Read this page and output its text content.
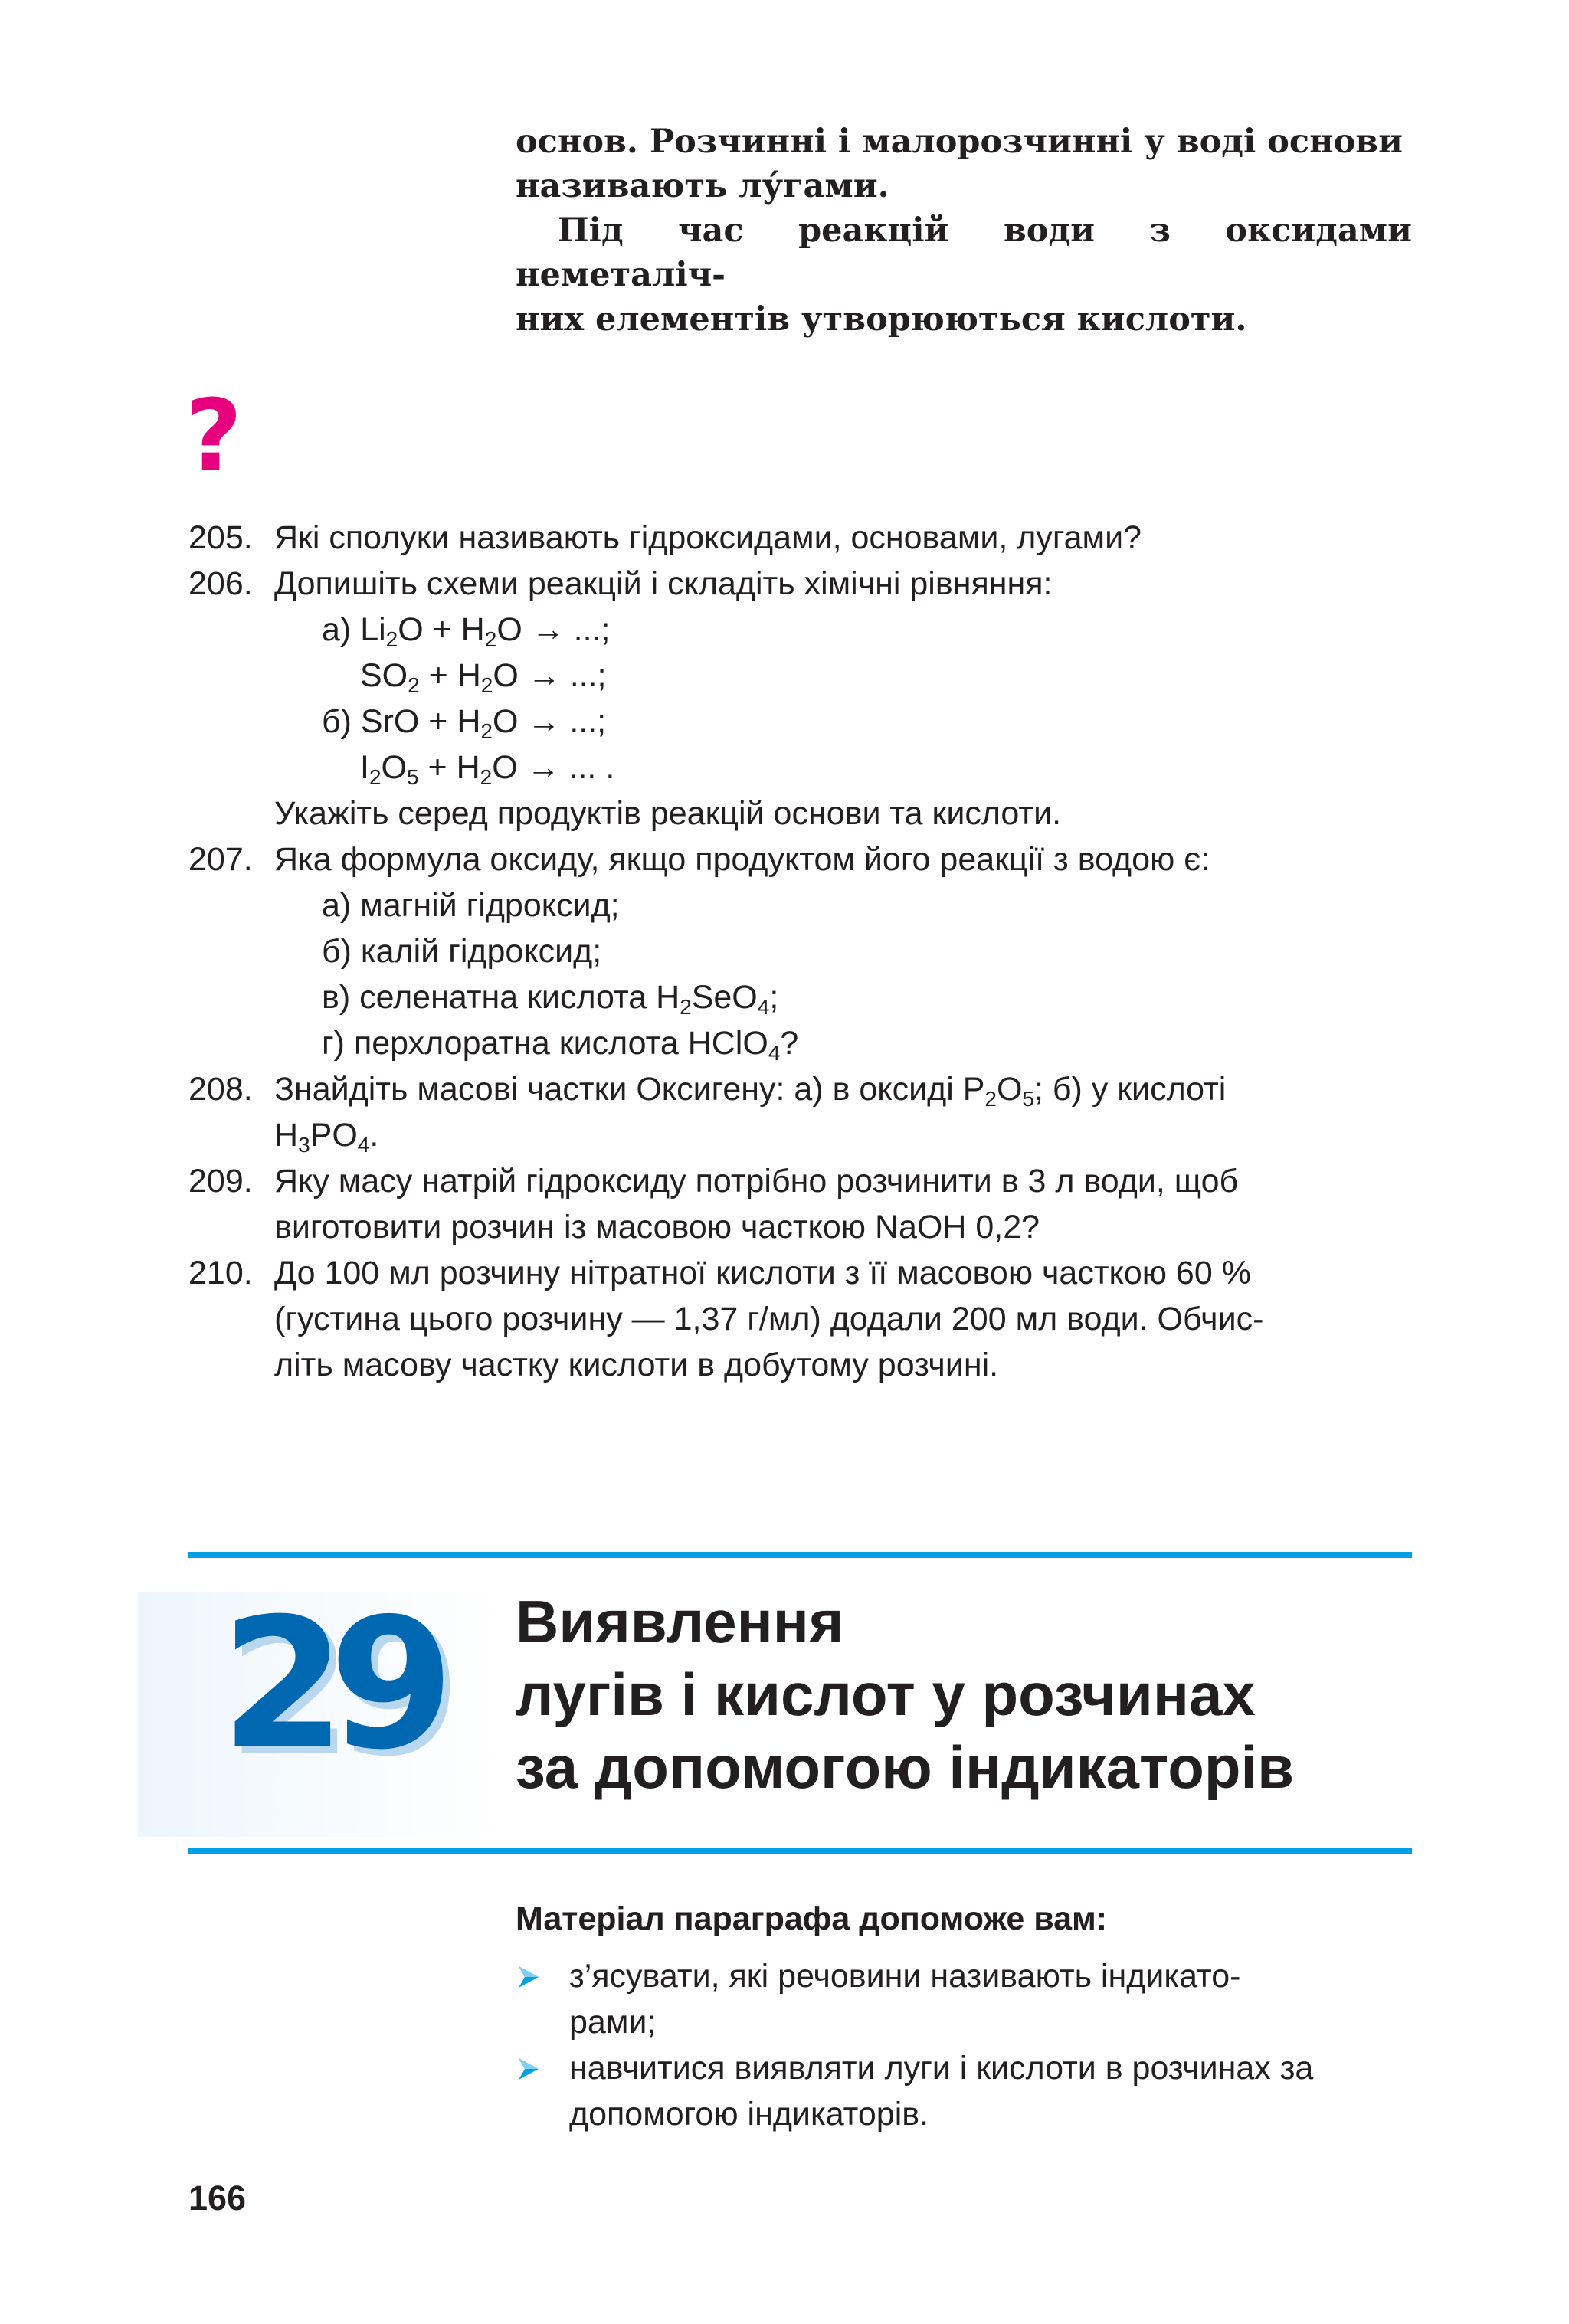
основ. Розчинні і малорозчинні у воді основи
називають лу́гами.

Під час реакцій води з оксидами неметаліч-
них елементів утворюються кислоти.

?
205. Які сполуки називають гідроксидами, основами, лугами?
206. Допишіть схеми реакцій і складіть хімічні рівняння:
а) $Li_2O + H_2O$ → ...;
$SO_2 + H_2O$ → ...;
б) SrO + $H_2O$ → ...;
$I_2O_5 + H_2O$ → ... .
Укажіть серед продуктів реакцій основи та кислоти.
207. Яка формула оксиду, якщо продуктом його реакції з водою є:
а) магній гідроксид;
б) калій гідроксид;
в) селенатна кислота $H_2SeO_4$;
г) перхлоратна кислота HClO$_4$?
208. Знайдіть масові частки Оксигену: а) в оксиді $P_2O_5$; б) у кислоті
$H_3PO_4$.
209. Яку масу натрій гідроксиду потрібно розчинити в 3 л води, щоб
виготовити розчин із масовою часткою NaOH 0,2?
210. До 100 мл розчину нітратної кислоти з її масовою часткою 60 %
(густина цього розчину — 1,37 г/мл) додали 200 мл води. Обчис-
літь масову частку кислоти в добутому розчині.
29 Виявлення
лугів і кислот у розчинах
за допомогою індикаторів
Матеріал параграфа допоможе вам:
з’ясувати, які речовини називають індикато-
рами;
навчитися виявляти луги і кислоти в розчинах за
допомогою індикаторів.
166
